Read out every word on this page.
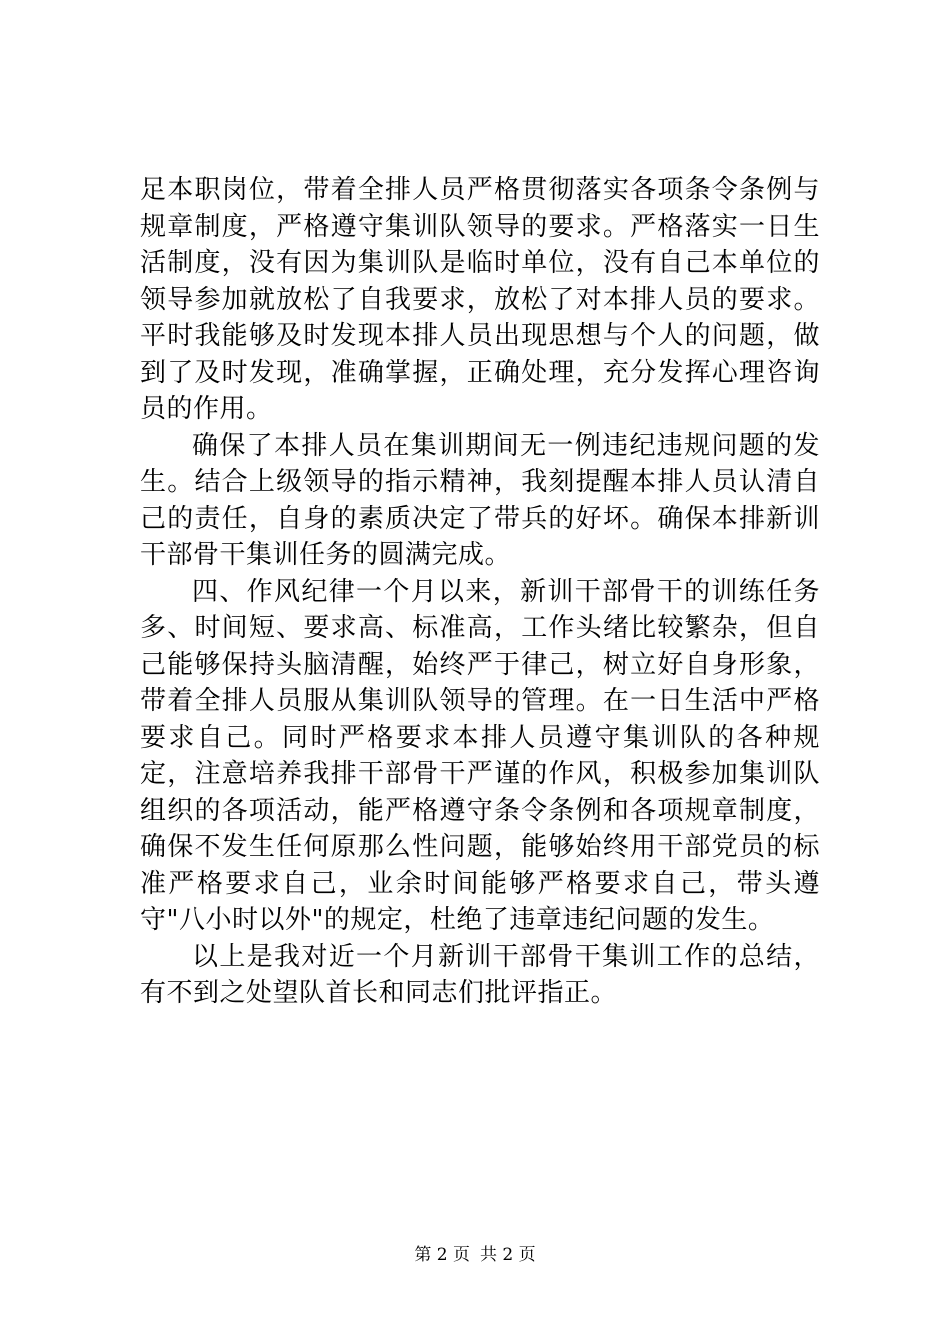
足本职岗位，带着全排人员严格贯彻落实各项条令条例与规章制度，严格遵守集训队领导的要求。严格落实一日生活制度，没有因为集训队是临时单位，没有自己本单位的领导参加就放松了自我要求，放松了对本排人员的要求。平时我能够及时发现本排人员出现思想与个人的问题，做到了及时发现，准确掌握，正确处理，充分发挥心理咨询员的作用。

确保了本排人员在集训期间无一例违纪违规问题的发生。结合上级领导的指示精神，我刻提醒本排人员认清自己的责任，自身的素质决定了带兵的好坏。确保本排新训干部骨干集训任务的圆满完成。

四、作风纪律一个月以来，新训干部骨干的训练任务多、时间短、要求高、标准高，工作头绪比较繁杂，但自己能够保持头脑清醒，始终严于律己，树立好自身形象，带着全排人员服从集训队领导的管理。在一日生活中严格要求自己。同时严格要求本排人员遵守集训队的各种规定，注意培养我排干部骨干严谨的作风，积极参加集训队组织的各项活动，能严格遵守条令条例和各项规章制度，确保不发生任何原那么性问题，能够始终用干部党员的标准严格要求自己，业余时间能够严格要求自己，带头遵守"八小时以外"的规定，杜绝了违章违纪问题的发生。

以上是我对近一个月新训干部骨干集训工作的总结，有不到之处望队首长和同志们批评指正。

第 2 页 共 2 页
